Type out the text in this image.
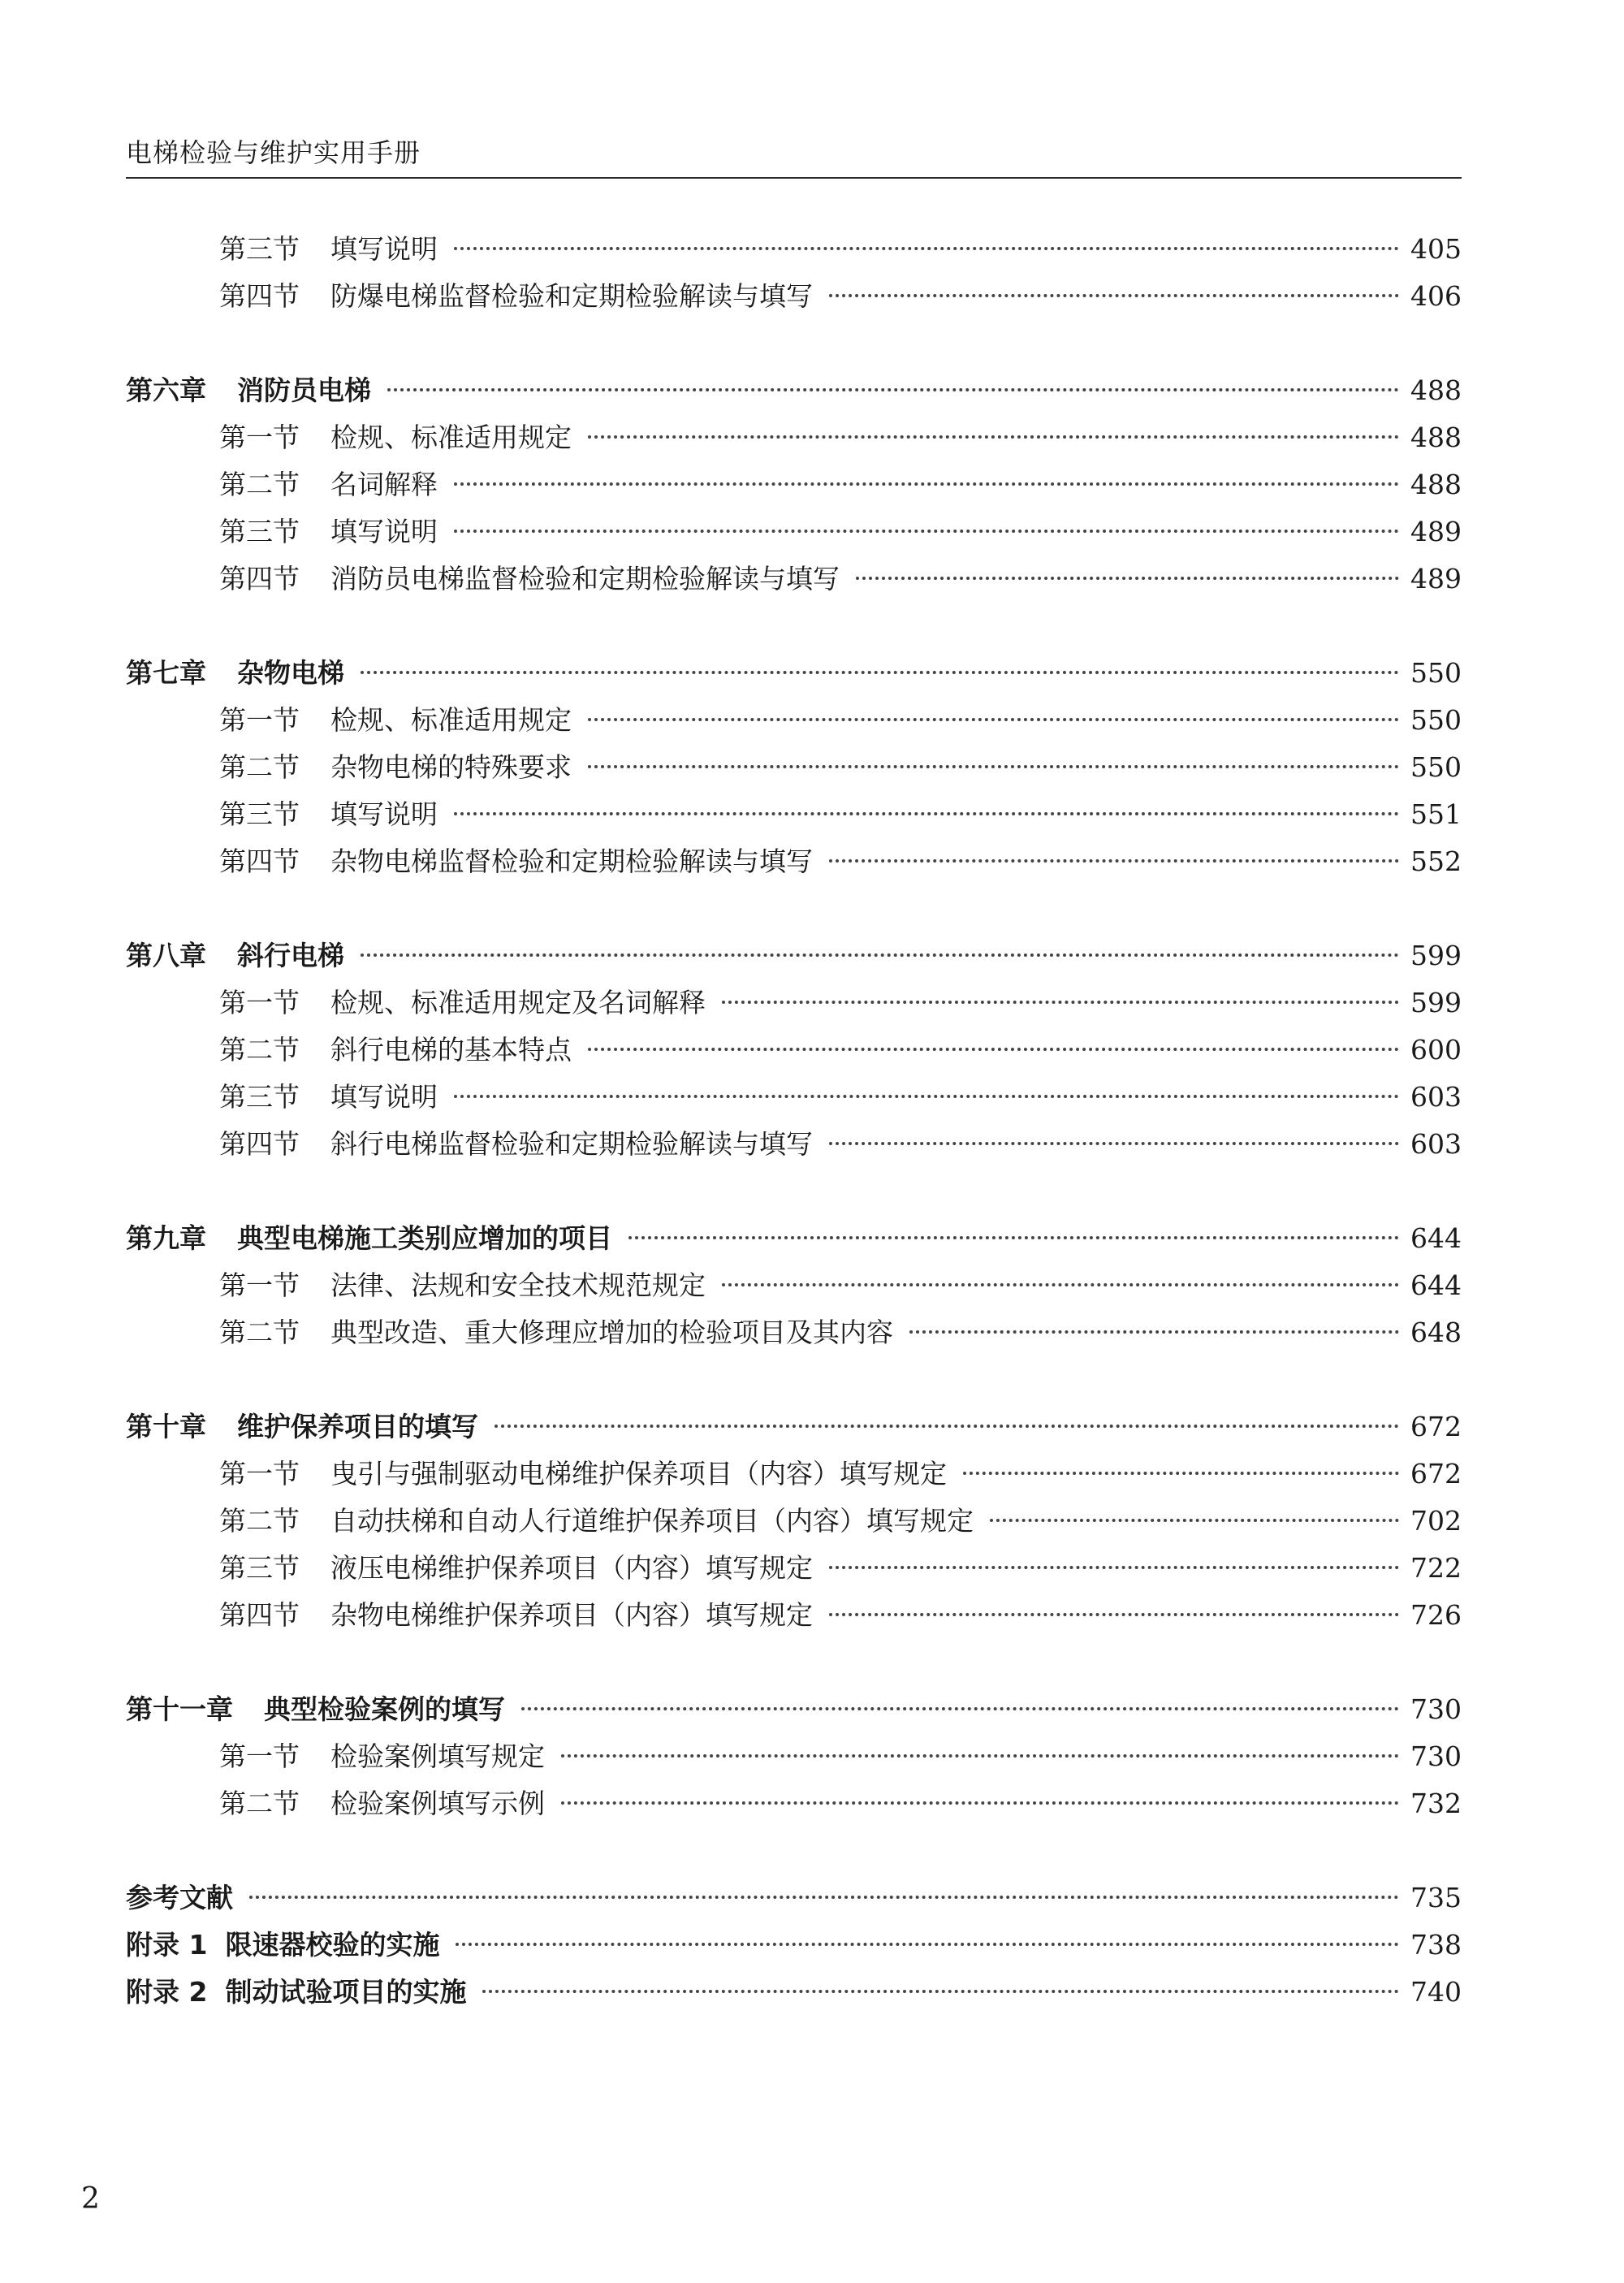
电梯检验与维护实用手册
第三节	填写说明	405
第四节	防爆电梯监督检验和定期检验解读与填写	406
第六章	消防员电梯	488
第一节	检规、标准适用规定	488
第二节	名词解释	488
第三节	填写说明	489
第四节	消防员电梯监督检验和定期检验解读与填写	489
第七章	杂物电梯	550
第一节	检规、标准适用规定	550
第二节	杂物电梯的特殊要求	550
第三节	填写说明	551
第四节	杂物电梯监督检验和定期检验解读与填写	552
第八章	斜行电梯	599
第一节	检规、标准适用规定及名词解释	599
第二节	斜行电梯的基本特点	600
第三节	填写说明	603
第四节	斜行电梯监督检验和定期检验解读与填写	603
第九章	典型电梯施工类别应增加的项目	644
第一节	法律、法规和安全技术规范规定	644
第二节	典型改造、重大修理应增加的检验项目及其内容	648
第十章	维护保养项目的填写	672
第一节	曳引与强制驱动电梯维护保养项目（内容）填写规定	672
第二节	自动扶梯和自动人行道维护保养项目（内容）填写规定	702
第三节	液压电梯维护保养项目（内容）填写规定	722
第四节	杂物电梯维护保养项目（内容）填写规定	726
第十一章	典型检验案例的填写	730
第一节	检验案例填写规定	730
第二节	检验案例填写示例	732
参考文献	735
附录 1 限速器校验的实施	738
附录 2 制动试验项目的实施	740
2
